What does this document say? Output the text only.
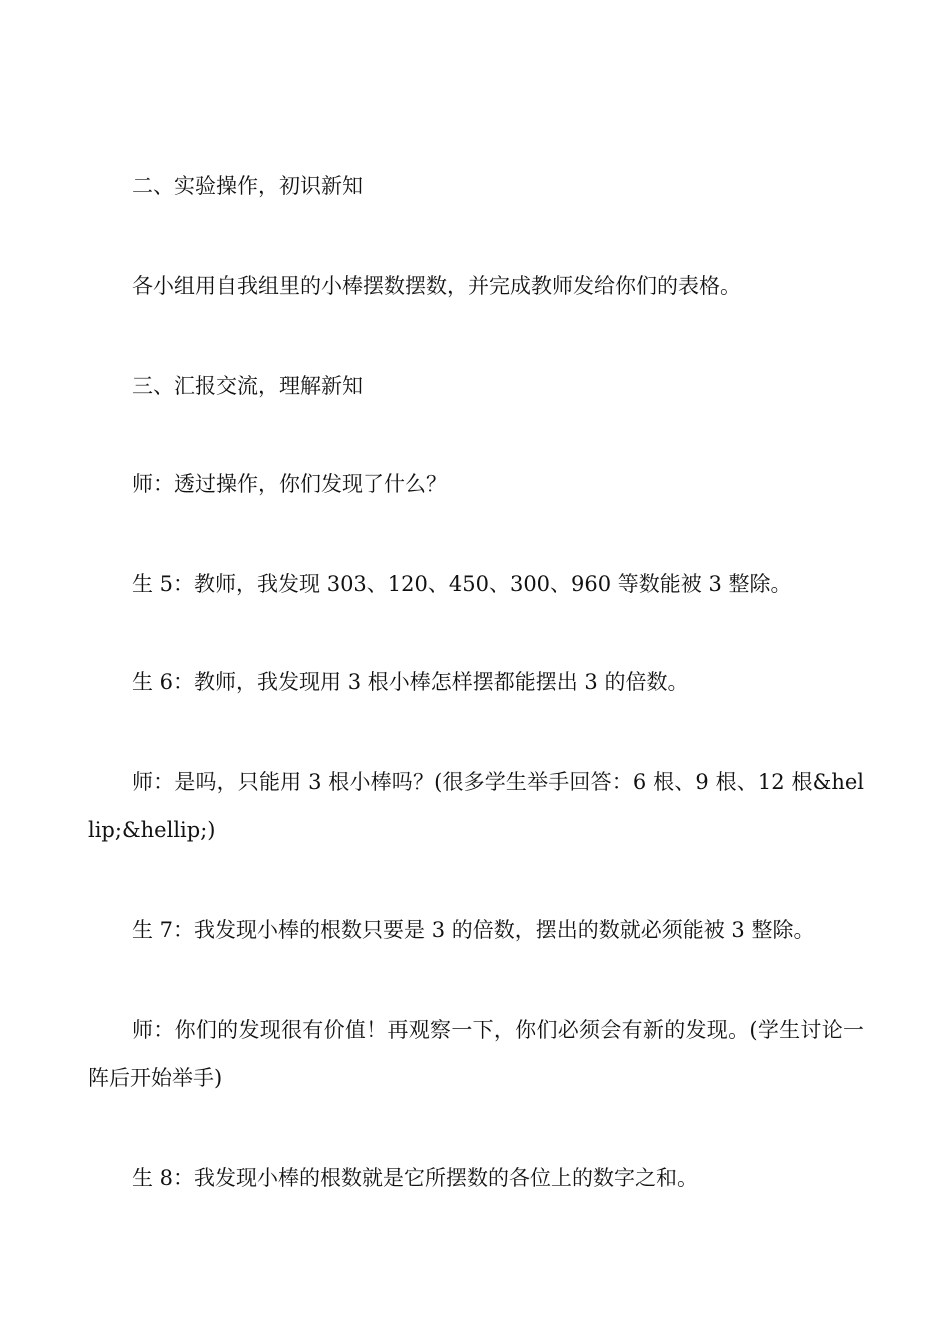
二、实验操作，初识新知

各小组用自我组里的小棒摆数摆数，并完成教师发给你们的表格。

三、汇报交流，理解新知

师：透过操作，你们发现了什么？

生 5：教师，我发现 303、120、450、300、960 等数能被 3 整除。

生 6：教师，我发现用 3 根小棒怎样摆都能摆出 3 的倍数。

师：是吗，只能用 3 根小棒吗？(很多学生举手回答：6 根、9 根、12 根&hellip;&hellip;)

生 7：我发现小棒的根数只要是 3 的倍数，摆出的数就必须能被 3 整除。

师：你们的发现很有价值！再观察一下，你们必须会有新的发现。(学生讨论一阵后开始举手)

生 8：我发现小棒的根数就是它所摆数的各位上的数字之和。
